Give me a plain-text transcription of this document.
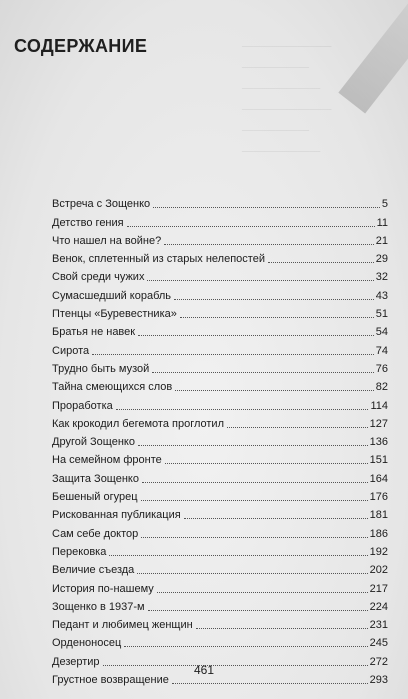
————————
——————
———————
————————
——————
———————
СОДЕРЖАНИЕ
Встреча с Зощенко	5
Детство гения	11
Что нашел на войне?	21
Венок, сплетенный из старых нелепостей	29
Свой среди чужих	32
Сумасшедший корабль	43
Птенцы «Буревестника»	51
Братья не навек	54
Сирота	74
Трудно быть музой	76
Тайна смеющихся слов	82
Проработка	114
Как крокодил бегемота проглотил	127
Другой Зощенко	136
На семейном фронте	151
Защита Зощенко	164
Бешеный огурец	176
Рискованная публикация	181
Сам себе доктор	186
Перековка	192
Величие съезда	202
История по-нашему	217
Зощенко в 1937-м	224
Педант и любимец женщин	231
Орденоносец	245
Дезертир	272
Грустное возвращение	293
461
